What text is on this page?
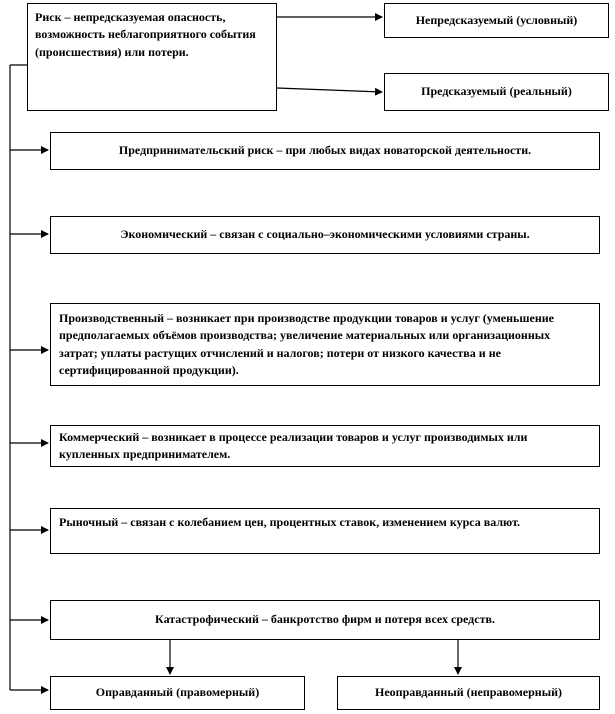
Риск – непредсказуемая опасность,
возможность неблагоприятного события (происшествия) или потери.
Непредсказуемый (условный)
Предсказуемый (реальный)
Предпринимательский риск – при любых видах новаторской деятельности.
Экономический – связан с социально–экономическими условиями страны.
Производственный – возникает при производстве продукции товаров и услуг (уменьшение предполагаемых объёмов производства; увеличение материальных или организационных затрат; уплаты растущих отчислений и налогов; потери от низкого качества и не сертифицированной продукции).
Коммерческий – возникает в процессе реализации товаров и услуг производимых или купленных предпринимателем.
Рыночный – связан с колебанием цен, процентных ставок, изменением курса валют.
Катастрофический – банкротство фирм и потеря всех средств.
Оправданный (правомерный)	Неоправданный (неправомерный)
